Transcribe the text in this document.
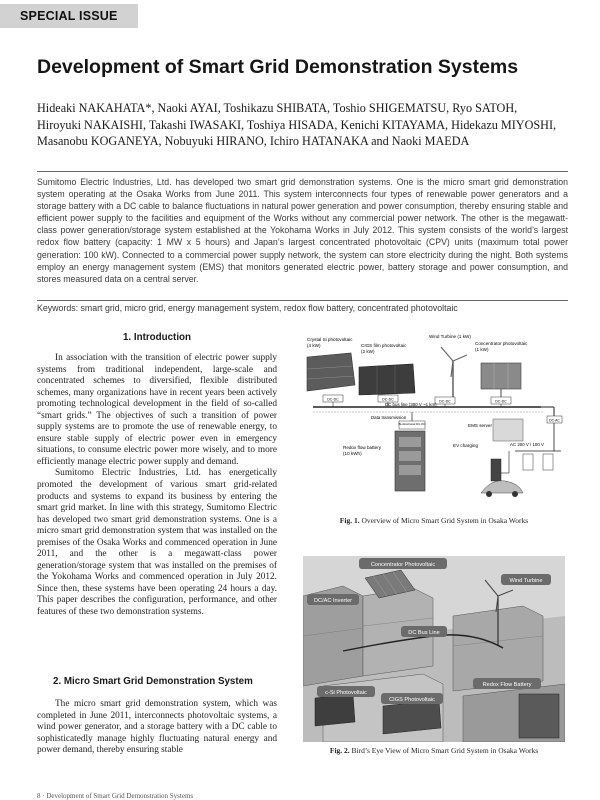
SPECIAL ISSUE
Development of Smart Grid Demonstration Systems
Hideaki NAKAHATA*, Naoki AYAI, Toshikazu SHIBATA, Toshio SHIGEMATSU, Ryo SATOH,
Hiroyuki NAKAISHI, Takashi IWASAKI, Toshiya HISADA, Kenichi KITAYAMA, Hidekazu MIYOSHI,
Masanobu KOGANEYA, Nobuyuki HIRANO, Ichiro HATANAKA and Naoki MAEDA

Sumitomo Electric Industries, Ltd. has developed two smart grid demonstration systems. One is the micro smart grid demonstration system operating at the Osaka Works from June 2011. This system interconnects four types of renewable power generators and a storage battery with a DC cable to balance fluctuations in natural power generation and power consumption, thereby ensuring stable and efficient power supply to the facilities and equipment of the Works without any commercial power network. The other is the megawatt-class power generation/storage system established at the Yokohama Works in July 2012. This system consists of the world’s largest redox flow battery (capacity: 1 MW x 5 hours) and Japan’s largest concentrated photovoltaic (CPV) units (maximum total power generation: 100 kW). Connected to a commercial power supply network, the system can store electricity during the night. Both systems employ an energy management system (EMS) that monitors generated electric power, battery storage and power consumption, and stores measured data on a central server.

Keywords: smart grid, micro grid, energy management system, redox flow battery, concentrated photovoltaic
1. Introduction

In association with the transition of electric power supply systems from traditional independent, large-scale and concentrated schemes to diversified, flexible distributed schemes, many organizations have in recent years been actively promoting technological development in the field of so-called “smart grids.” The objectives of such a transition of power supply systems are to promote the use of renewable energy, to ensure stable supply of electric power even in emergency situations, to consume electric power more wisely, and to more efficiently manage electric power supply and demand.

Sumitomo Electric Industries, Ltd. has energetically promoted the development of various smart grid-related products and systems to expand its business by entering the smart grid market. In line with this strategy, Sumitomo Electric has developed two smart grid demonstration systems. One is a micro smart grid demonstration system that was installed on the premises of the Osaka Works and commenced operation in June 2011, and the other is a megawatt-class power generation/storage system that was installed on the premises of the Yokohama Works and commenced operation in July 2012. Since then, these systems have been operating 24 hours a day. This paper describes the configuration, performance, and other features of these two demonstration systems.

2. Micro Smart Grid Demonstration System

The micro smart grid demonstration system, which was completed in June 2011, interconnects photovoltaic systems, a wind power generator, and a storage battery with a DC cable to sophisticatedly manage highly fluctuating natural energy and power demand, thereby ensuring stable

DC-DC	DC-DC	DC-DC	DC-DC
DC-AC
Bi-directional DC-DC
Crystal Si photovoltaic
(4 kW)	CIGS film photovoltaic
(2 kW)
Wind Turbine (1 kW)
Concentrator photovoltaic
(1 kW)
DC bus line (350 V ~1 km)
Data transmission
EMS server
Redox flow battery
(10 kWh)
EV charging	AC 200 V / 100 V
Fig. 1. Overview of Micro Smart Grid System in Osaka Works
Concentrator Photovoltaic
Wind Turbine
DC/AC Inverter
DC Bus Line
Redox Flow Battery
c-Si Photovoltaic
CIGS Photovoltaic
Fig. 2. Bird’s Eye View of Micro Smart Grid System in Osaka Works
8 · Development of Smart Grid Demonstration Systems
